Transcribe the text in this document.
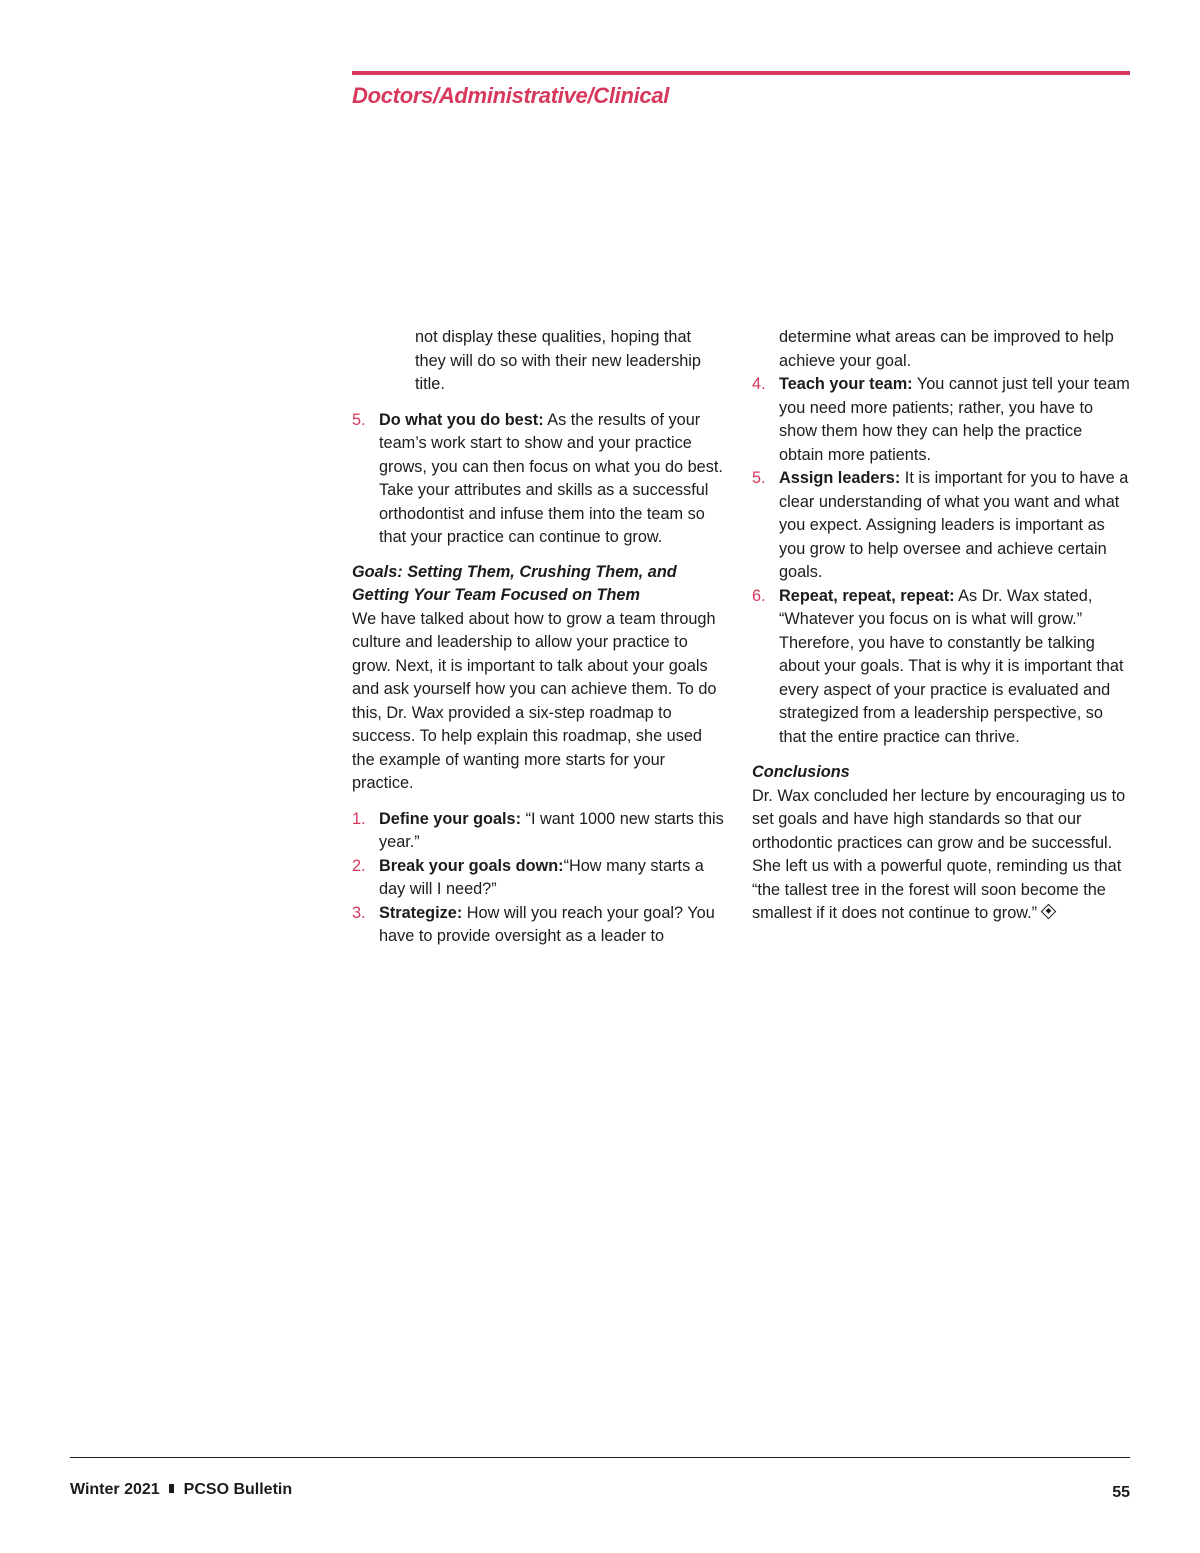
Doctors/Administrative/Clinical

not display these qualities, hoping that they will do so with their new leadership title.

5. Do what you do best: As the results of your team’s work start to show and your practice grows, you can then focus on what you do best. Take your attributes and skills as a successful orthodontist and infuse them into the team so that your practice can continue to grow.

Goals: Setting Them, Crushing Them, and Getting Your Team Focused on Them

We have talked about how to grow a team through culture and leadership to allow your practice to grow. Next, it is important to talk about your goals and ask yourself how you can achieve them. To do this, Dr. Wax provided a six-step roadmap to success. To help explain this roadmap, she used the example of wanting more starts for your practice.

1. Define your goals: “I want 1000 new starts this year.”
2. Break your goals down:“How many starts a day will I need?”
3. Strategize: How will you reach your goal? You have to provide oversight as a leader to

determine what areas can be improved to help achieve your goal.

4. Teach your team: You cannot just tell your team you need more patients; rather, you have to show them how they can help the practice obtain more patients.
5. Assign leaders: It is important for you to have a clear understanding of what you want and what you expect. Assigning leaders is important as you grow to help oversee and achieve certain goals.
6. Repeat, repeat, repeat: As Dr. Wax stated, “Whatever you focus on is what will grow.” Therefore, you have to constantly be talking about your goals. That is why it is important that every aspect of your practice is evaluated and strategized from a leadership perspective, so that the entire practice can thrive.

Conclusions

Dr. Wax concluded her lecture by encouraging us to set goals and have high standards so that our orthodontic practices can grow and be successful. She left us with a powerful quote, reminding us that “the tallest tree in the forest will soon become the smallest if it does not continue to grow.”

Winter 2021 PCSO Bulletin	55
